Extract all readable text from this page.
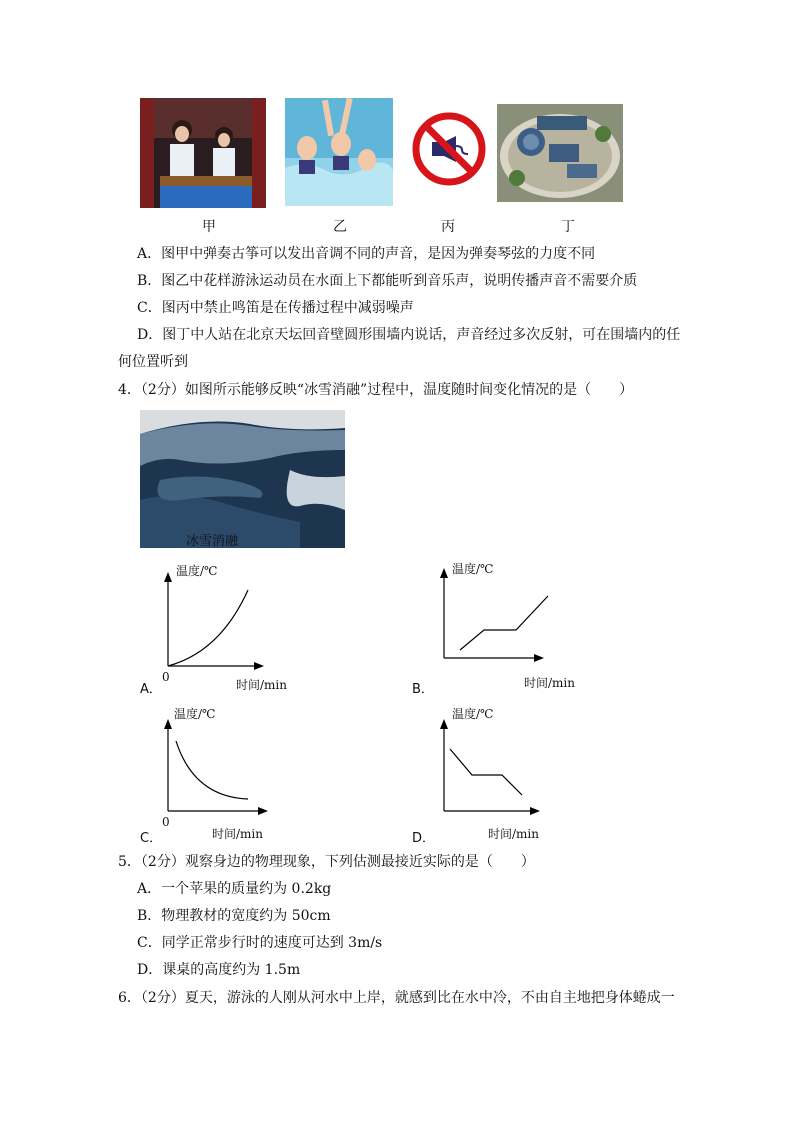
甲	乙	丙	丁
A．图甲中弹奏古筝可以发出音调不同的声音，是因为弹奏琴弦的力度不同
B．图乙中花样游泳运动员在水面上下都能听到音乐声，说明传播声音不需要介质
C．图丙中禁止鸣笛是在传播过程中减弱噪声
D．图丁中人站在北京天坛回音壁圆形围墙内说话，声音经过多次反射，可在围墙内的任
何位置听到
4．（2分）如图所示能够反映“冰雪消融”过程中，温度随时间变化情况的是（　　）
冰雪消融
温度/℃
0
时间/min
A．
温度/℃
时间/min
B．
温度/℃
0
时间/min
C．
温度/℃
时间/min
D．
5．（2分）观察身边的物理现象，下列估测最接近实际的是（　　）
A．一个苹果的质量约为 0.2kg
B．物理教材的宽度约为 50cm
C．同学正常步行时的速度可达到 3m/s
D．课桌的高度约为 1.5m
6．（2分）夏天，游泳的人刚从河水中上岸，就感到比在水中冷，不由自主地把身体蜷成一
